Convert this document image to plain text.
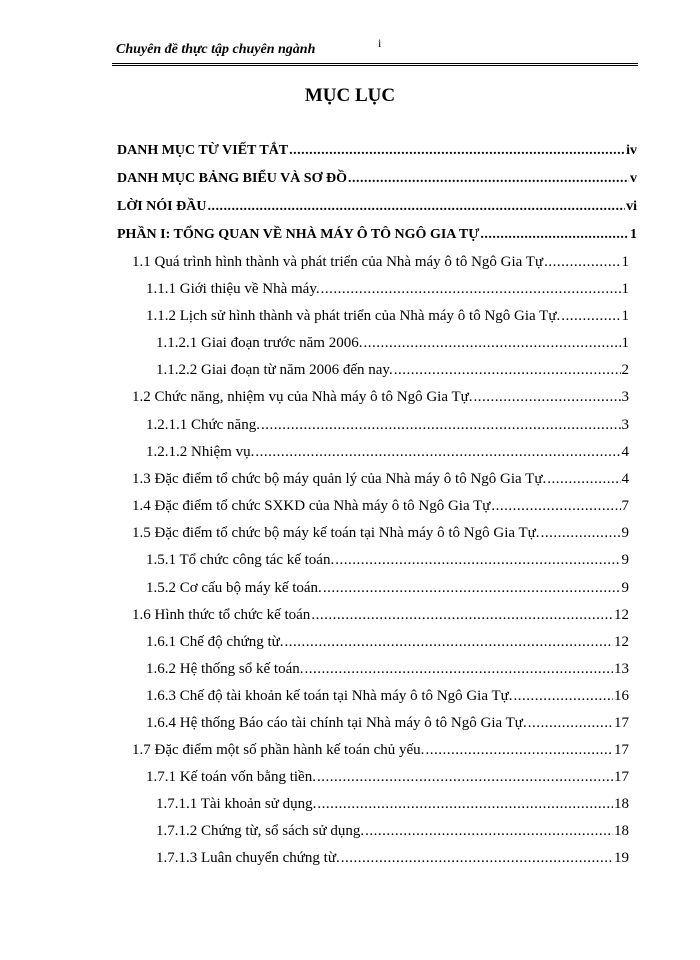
Chuyên đề thực tập chuyên ngành	i
MỤC LỤC
DANH MỤC TỪ VIẾT TẮT .....	iv
DANH MỤC BẢNG BIỂU VÀ SƠ ĐỒ .....	v
LỜI NÓI ĐẦU .....	vi
PHẦN I: TỔNG QUAN VỀ NHÀ MÁY Ô TÔ NGÔ GIA TỰ .....	1
1.1 Quá trình hình thành và phát triển của Nhà máy ô tô Ngô Gia Tự .....	1
1.1.1 Giới thiệu về Nhà máy. .....	1
1.1.2 Lịch sử hình thành và phát triển của Nhà máy ô tô Ngô Gia Tự. .....	1
1.1.2.1 Giai đoạn trước năm 2006. .....	1
1.1.2.2 Giai đoạn từ năm 2006 đến nay. .....	2
1.2 Chức năng, nhiệm vụ của Nhà máy ô tô Ngô Gia Tự. .....	3
1.2.1.1 Chức năng. .....	3
1.2.1.2 Nhiệm vụ. .....	4
1.3 Đặc điểm tổ chức bộ máy quản lý của Nhà máy ô tô Ngô Gia Tự. .....	4
1.4 Đặc điểm tổ chức SXKD của Nhà máy ô tô Ngô Gia Tự .....	7
1.5 Đặc điểm tổ chức bộ máy kế toán tại Nhà máy ô tô Ngô Gia Tự. .....	9
1.5.1 Tổ chức công tác kế toán. .....	9
1.5.2 Cơ cấu bộ máy kế toán. .....	9
1.6 Hình thức tổ chức kế toán .....	12
1.6.1 Chế độ chứng từ. .....	12
1.6.2 Hệ thống sổ kế toán. .....	13
1.6.3 Chế độ tài khoản kế toán tại Nhà máy ô tô Ngô Gia Tự. .....	16
1.6.4 Hệ thống Báo cáo tài chính tại Nhà máy ô tô Ngô Gia Tự. .....	17
1.7 Đặc điểm một số phần hành kế toán chủ yếu. .....	17
1.7.1 Kế toán vốn bằng tiền. .....	17
1.7.1.1 Tài khoản sử dụng. .....	18
1.7.1.2 Chứng từ, sổ sách sử dụng. .....	18
1.7.1.3 Luân chuyển chứng từ. .....	19
